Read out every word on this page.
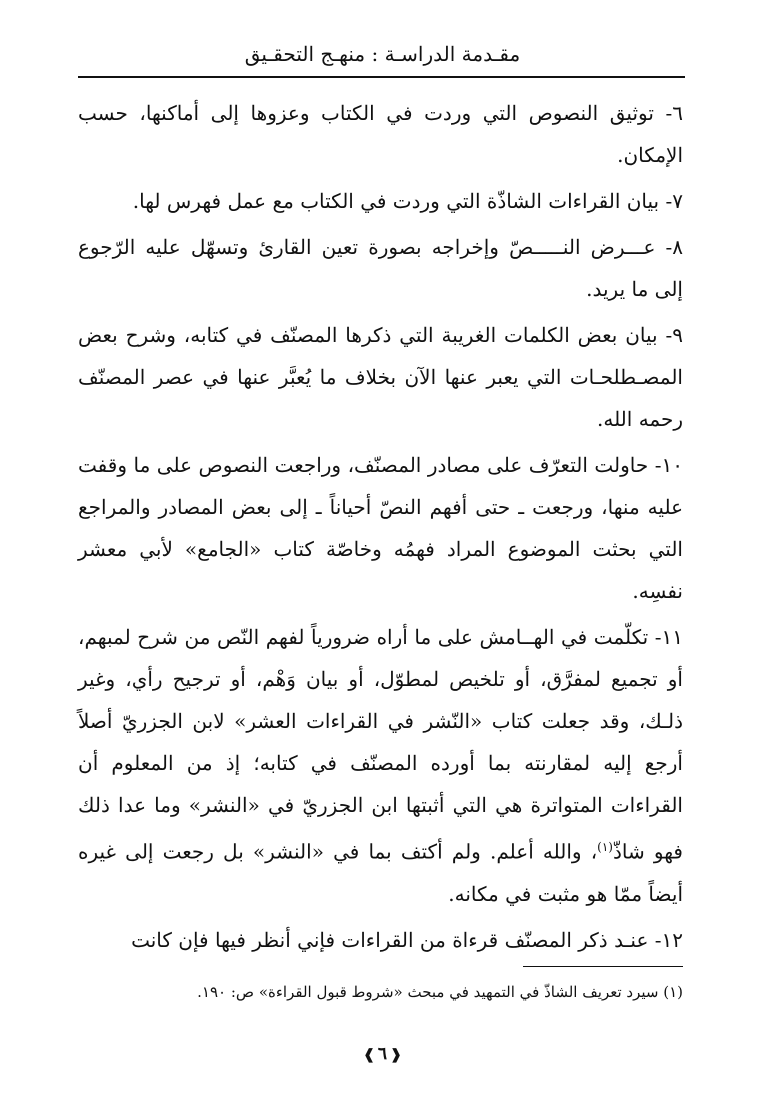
مقـدمة الدراسـة : منهـج التحقـيق

٦- توثيق النصوص التي وردت في الكتاب وعزوها إلى أماكنها، حسب الإمكان.

٧- بيان القراءات الشاذّة التي وردت في الكتاب مع عمل فهرس لها.

٨- عـــرض النـــــصّ وإخراجه بصورة تعين القارئ وتسهّل عليه الرّجوع إلى ما يريد.

٩- بيان بعض الكلمات الغريبة التي ذكرها المصنّف في كتابه، وشرح بعض المصـطلحـات التي يعبر عنها الآن بخلاف ما يُعبَّر عنها في عصر المصنّف رحمه الله.

١٠- حاولت التعرّف على مصادر المصنّف، وراجعت النصوص على ما وقفت عليه منها، ورجعت ـ حتى أفهم النصّ أحياناً ـ إلى بعض المصادر والمراجع التي بحثت الموضوع المراد فهمُه وخاصّة كتاب «الجامع» لأبي معشر نفسِه.

١١- تكلّمت في الهــامش على ما أراه ضرورياً لفهم النّص من شرح لمبهم، أو تجميع لمفرَّق، أو تلخيص لمطوّل، أو بيان وَهْم، أو ترجيح رأي، وغير ذلـك، وقد جعلت كتاب «النّشر في القراءات العشر» لابن الجزريّ أصلاً أرجع إليه لمقارنته بما أورده المصنّف في كتابه؛ إذ من المعلوم أن القراءات المتواترة هي التي أثبتها ابن الجزريّ في «النشر» وما عدا ذلك فهو شاذّ$^{(١)}$، والله أعلم. ولم أكتف بما في «النشر» بل رجعت إلى غيره أيضاً ممّا هو مثبت في مكانه.

١٢- عنـد ذكر المصنّف قرءاة من القراءات فإني أنظر فيها فإن كانت

(١) سيرد تعريف الشاذّ في التمهيد في مبحث «شروط قبول القراءة» ص: ١٩٠.
❰٦❱
